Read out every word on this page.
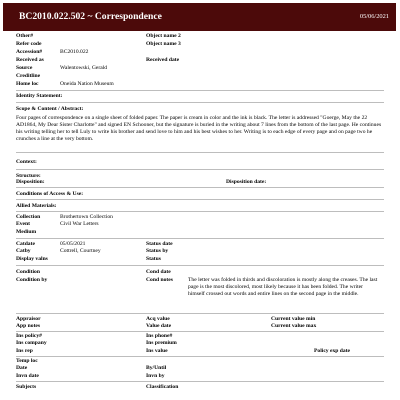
BC2010.022.502 ~ Correspondence	05/06/2021
Other#	Object name 2
Refer code	Object name 3
Accession#	BC2010.022
Received as	Received date
Source	Walentowski, Gerald
Creditline
Home loc	Oneida Nation Museum
Identity Statement:
Scope & Content / Abstract:
Four pages of correspondence on a single sheet of folded paper. The paper is cream in color and the ink is black. The letter is addressed "Goerge, May the 22 AD1864, My Dear Sister Charlotte" and signed EN Schooner, but the signature is buried in the writing about 7 lines from the bottom of the last page. He continues his writing telling her to tell Luly to write his brother and send love to him and his best wishes to her. Writing is to each edge of every page and on page two he crunches a line at the very bottom.
Context:
Structure:
Disposition:	Disposition date:
Conditions of Access & Use:
Allied Materials:
Collection	Brothertown Collection
Event	Civil War Letters
Medium
Catdate	05/05/2021	Status date
Catby	Cottrell, Courtney	Status by
Display valns	Status
Condition	Cond date
Condition by	Cond notes	The letter was folded in thirds and discoloration is mostly along the creases. The last page is the most discolored, most likely because it has been folded. The writer himself crossed out words and entire lines on the second page in the middle.
Appraisor	Acq value	Current value min
App notes	Value date	Current value max
Ins policy#	Ins phone#
Ins company	Ins premium
Ins rep	Ins value	Policy exp date
Temp loc
Date	By/Until
Invn date	Invn by
Subjects	Classification
